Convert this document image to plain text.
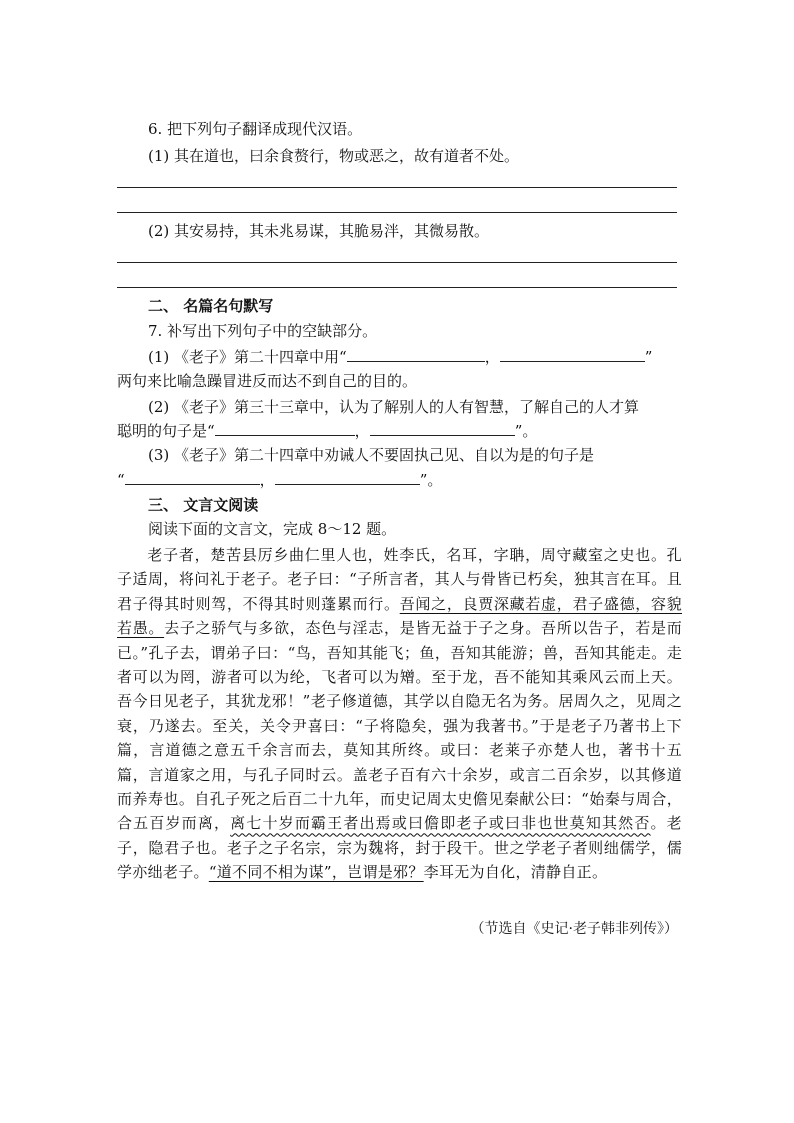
6. 把下列句子翻译成现代汉语。
(1) 其在道也，曰余食赘行，物或恶之，故有道者不处。
(2) 其安易持，其未兆易谋，其脆易泮，其微易散。
二、 名篇名句默写
7. 补写出下列句子中的空缺部分。
(1) 《老子》第二十四章中用“	，	”
两句来比喻急躁冒进反而达不到自己的目的。
(2) 《老子》第三十三章中，认为了解别人的人有智慧，了解自己的人才算
聪明的句子是“	，	”。
(3) 《老子》第二十四章中劝诫人不要固执己见、自以为是的句子是
“	，	”。
三、 文言文阅读
阅读下面的文言文，完成 8～12 题。
老子者，楚苦县厉乡曲仁里人也，姓李氏，名耳，字聃，周守藏室之史也。孔子适周，将问礼于老子。老子曰：“子所言者，其人与骨皆已朽矣，独其言在耳。且君子得其时则驾，不得其时则蓬累而行。吾闻之，良贾深藏若虚，君子盛德，容貌若愚。去子之骄气与多欲，态色与淫志，是皆无益于子之身。吾所以告子，若是而已。”孔子去，谓弟子曰：“鸟，吾知其能飞；鱼，吾知其能游；兽，吾知其能走。走者可以为罔，游者可以为纶，飞者可以为矰。至于龙，吾不能知其乘风云而上天。吾今日见老子，其犹龙邪！”老子修道德，其学以自隐无名为务。居周久之，见周之衰，乃遂去。至关，关令尹喜曰：“子将隐矣，强为我著书。”于是老子乃著书上下篇，言道德之意五千余言而去，莫知其所终。或曰：老莱子亦楚人也，著书十五篇，言道家之用，与孔子同时云。盖老子百有六十余岁，或言二百余岁，以其修道而养寿也。自孔子死之后百二十九年，而史记周太史儋见秦献公曰：“始秦与周合，合五百岁而离，离七十岁而霸王者出焉或曰儋即老子或曰非也世莫知其然否。老子，隐君子也。老子之子名宗，宗为魏将，封于段干。世之学老子者则绌儒学，儒学亦绌老子。“道不同不相为谋”，岂谓是邪？李耳无为自化，清静自正。
（节选自《史记·老子韩非列传》）
